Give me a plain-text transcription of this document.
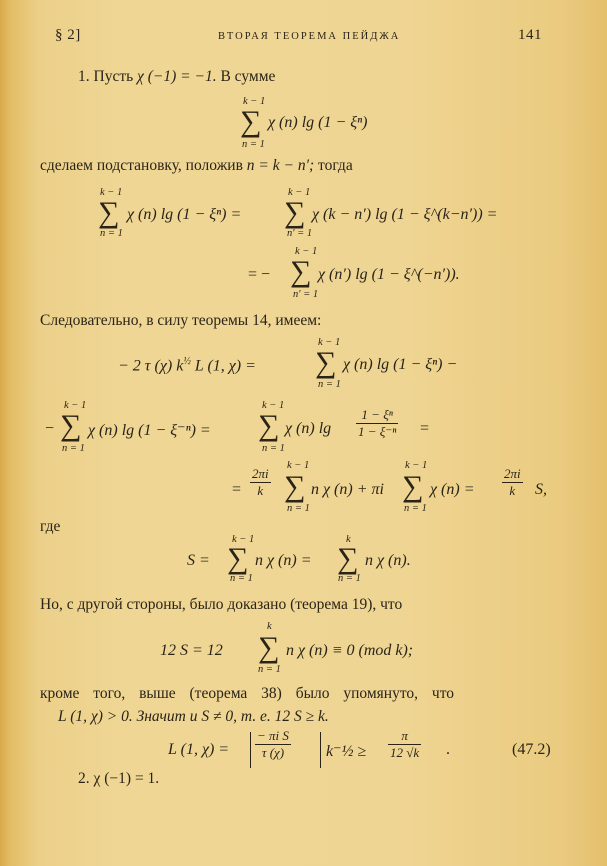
§ 2]	ВТОРАЯ ТЕОРЕМА ПЕЙДЖА	141
1. Пусть χ (−1) = −1. В сумме
k − 1
∑ χ (n) lg (1 − ξⁿ)
n = 1
сделаем подстановку, положив n = k − n′; тогда
k − 1
∑ χ (n) lg (1 − ξⁿ) =
n = 1
k − 1
∑ χ (k − n′) lg (1 − ξ^(k−n′)) =
n′ = 1
k − 1
= − ∑ χ (n′) lg (1 − ξ^(−n′)).
n′ = 1
Следовательно, в силу теоремы 14, имеем:
− 2 τ (χ) $k^{\frac{1}{2}}$ L (1, χ) =
k − 1
∑ χ (n) lg (1 − ξⁿ) −
n = 1
−
k − 1
∑ χ (n) lg (1 − ξ⁻ⁿ) =
n = 1
k − 1
∑ χ (n) $\lg \frac{\text{1 − ξⁿ}}{\text{1 − ξ⁻ⁿ}}$ =
n = 1
= $\frac{2\pi i}{k}$
k − 1
∑ n χ (n) + πi
n = 1
k − 1
∑ χ (n) =
n = 1
$\frac{2\pi i}{k} S$,
где
S =
k − 1
∑ n χ (n) =
n = 1
k
∑ n χ (n).
n = 1
Но, с другой стороны, было доказано (теорема 19), что
12 S = 12
k
∑ n χ (n) ≡ 0 (mod k);
n = 1
кроме того, выше (теорема 38) было упомянуто, что
L (1, χ) > 0. Значит и S ≠ 0, т. е. 12 S ≥ k.
L (1, $\chi) = \frac{\text{− πi S}}{\tau (\chi)}$ k⁻½ ≥ $\frac{\pi}{12 √k}$ .	(47.2)
2. χ (−1) = 1.
